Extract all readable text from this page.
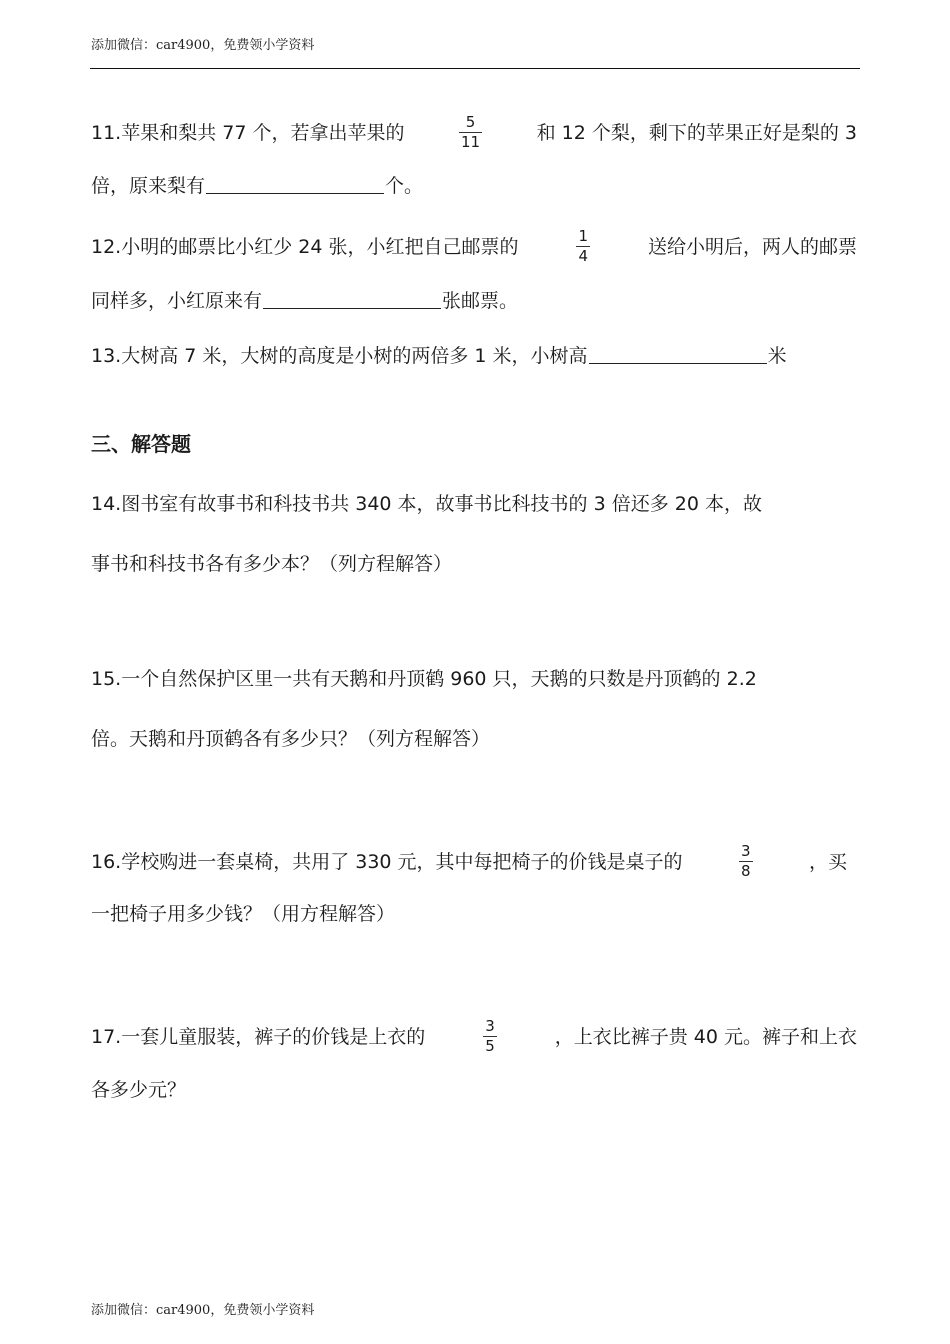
添加微信：car4900，免费领小学资料
11.苹果和梨共 77 个，若拿出苹果的	$\frac{5}{11}$	和 12 个梨，剩下的苹果正好是梨的 3
倍，原来梨有	个。
12.小明的邮票比小红少 24 张，小红把自己邮票的	$\frac{1}{4}$	送给小明后，两人的邮票
同样多，小红原来有	张邮票。
13.大树高 7 米，大树的高度是小树的两倍多 1 米，小树高	米
三、解答题
14.图书室有故事书和科技书共 340 本，故事书比科技书的 3 倍还多 20 本，故
事书和科技书各有多少本？（列方程解答）
15.一个自然保护区里一共有天鹅和丹顶鹤 960 只，天鹅的只数是丹顶鹤的 2.2
倍。天鹅和丹顶鹤各有多少只？（列方程解答）
16.学校购进一套桌椅，共用了 330 元，其中每把椅子的价钱是桌子的	$\frac{3}{8}$	，买
一把椅子用多少钱？（用方程解答）
17.一套儿童服装，裤子的价钱是上衣的	$\frac{3}{5}$	，上衣比裤子贵 40 元。裤子和上衣
各多少元？
添加微信：car4900，免费领小学资料
